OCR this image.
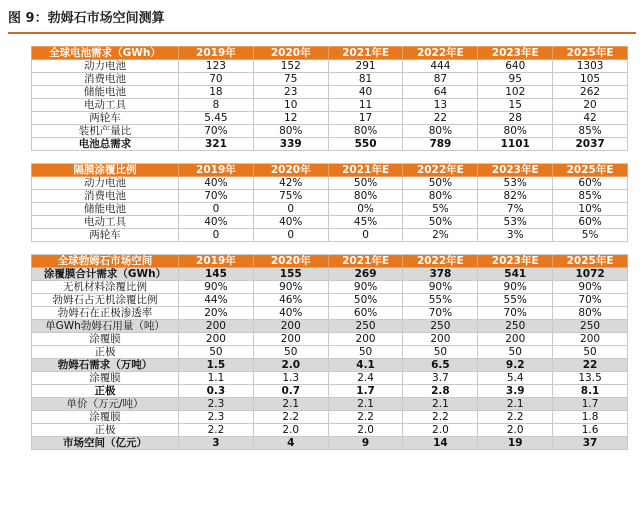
图 9：勃姆石市场空间测算
全球电池需求（GWh）	2019年	2020年	2021年E	2022年E	2023年E	2025年E
动力电池	123	152	291	444	640	1303
消费电池	70	75	81	87	95	105
储能电池	18	23	40	64	102	262
电动工具	8	10	11	13	15	20
两轮车	5.45	12	17	22	28	42
装机产量比	70%	80%	80%	80%	80%	85%
电池总需求	321	339	550	789	1101	2037

隔膜涂覆比例	2019年	2020年	2021年E	2022年E	2023年E	2025年E
动力电池	40%	42%	50%	50%	53%	60%
消费电池	70%	75%	80%	80%	82%	85%
储能电池	0	0	0%	5%	7%	10%
电动工具	40%	40%	45%	50%	53%	60%
两轮车	0	0	0	2%	3%	5%

全球勃姆石市场空间	2019年	2020年	2021年E	2022年E	2023年E	2025年E
涂覆膜合计需求（GWh）	145	155	269	378	541	1072
无机材料涂覆比例	90%	90%	90%	90%	90%	90%
勃姆石占无机涂覆比例	44%	46%	50%	55%	55%	70%
勃姆石在正极渗透率	20%	40%	60%	70%	70%	80%
单GWh勃姆石用量（吨）	200	200	250	250	250	250
涂覆膜	200	200	200	200	200	200
正极	50	50	50	50	50	50
勃姆石需求（万吨）	1.5	2.0	4.1	6.5	9.2	22
涂覆膜	1.1	1.3	2.4	3.7	5.4	13.5
正极	0.3	0.7	1.7	2.8	3.9	8.1
单价（万元/吨）	2.3	2.1	2.1	2.1	2.1	1.7
涂覆膜	2.3	2.2	2.2	2.2	2.2	1.8
正极	2.2	2.0	2.0	2.0	2.0	1.6
市场空间（亿元）	3	4	9	14	19	37
